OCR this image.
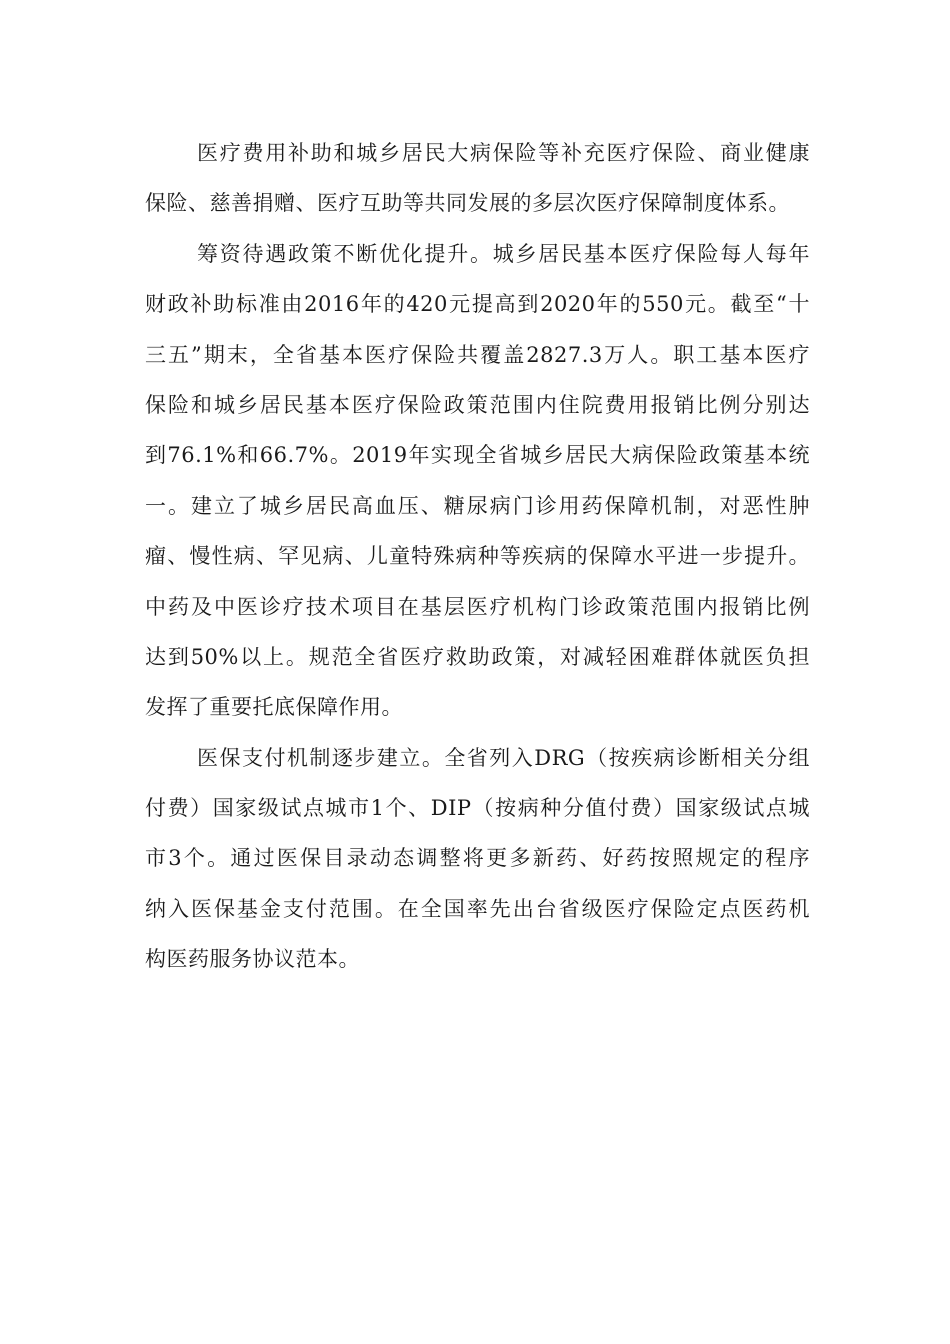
医疗费用补助和城乡居民大病保险等补充医疗保险、商业健康
保险、慈善捐赠、医疗互助等共同发展的多层次医疗保障制度体系。
筹资待遇政策不断优化提升。城乡居民基本医疗保险每人每年
财政补助标准由2016年的420元提高到2020年的550元。截至“十
三五”期末，全省基本医疗保险共覆盖2827.3万人。职工基本医疗
保险和城乡居民基本医疗保险政策范围内住院费用报销比例分别达
到76.1%和66.7%。2019年实现全省城乡居民大病保险政策基本统
一。建立了城乡居民高血压、糖尿病门诊用药保障机制，对恶性肿
瘤、慢性病、罕见病、儿童特殊病种等疾病的保障水平进一步提升。
中药及中医诊疗技术项目在基层医疗机构门诊政策范围内报销比例
达到50%以上。规范全省医疗救助政策，对减轻困难群体就医负担
发挥了重要托底保障作用。
医保支付机制逐步建立。全省列入DRG（按疾病诊断相关分组
付费）国家级试点城市1个、DIP（按病种分值付费）国家级试点城
市3个。通过医保目录动态调整将更多新药、好药按照规定的程序
纳入医保基金支付范围。在全国率先出台省级医疗保险定点医药机
构医药服务协议范本。
